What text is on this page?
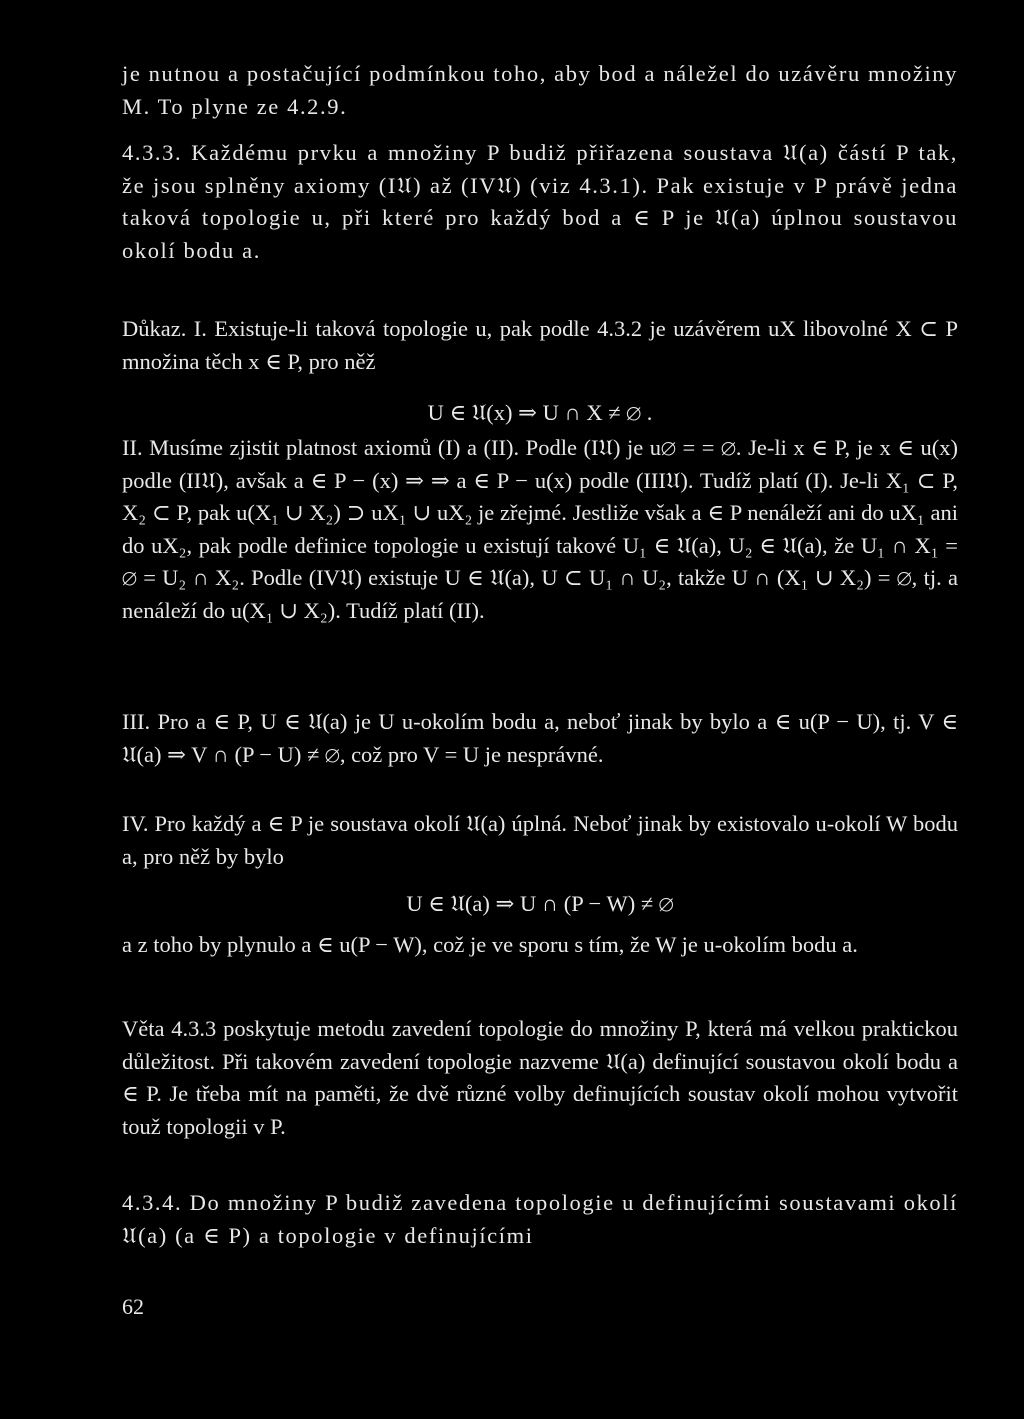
je nutnou a postačující podmínkou toho, aby bod a náležel do uzávěru množiny M. To plyne ze 4.2.9.

4.3.3. Každému prvku a množiny P budiž přiřazena soustava 𝔘(a) částí P tak, že jsou splněny axiomy (I𝔘) až (IV𝔘) (viz 4.3.1). Pak existuje v P právě jedna taková topologie u, při které pro každý bod a ∈ P je 𝔘(a) úplnou soustavou okolí bodu a.

Důkaz. I. Existuje-li taková topologie u, pak podle 4.3.2 je uzávěrem uX libovolné X ⊂ P množina těch x ∈ P, pro něž

U ∈ 𝔘(x) ⇒ U ∩ X ≠ ∅ .

II. Musíme zjistit platnost axiomů (I) a (II). Podle (I𝔘) je u∅ = = ∅. Je-li x ∈ P, je x ∈ u(x) podle (II𝔘), avšak a ∈ P − (x) ⇒ ⇒ a ∈ P − u(x) podle (III𝔘). Tudíž platí (I). Je-li X₁ ⊂ P, X₂ ⊂ P, pak u(X₁ ∪ X₂) ⊃ uX₁ ∪ uX₂ je zřejmé. Jestliže však a ∈ P nenáleží ani do uX₁ ani do uX₂, pak podle definice topologie u existují takové U₁ ∈ 𝔘(a), U₂ ∈ 𝔘(a), že U₁ ∩ X₁ = ∅ = U₂ ∩ X₂. Podle (IV𝔘) existuje U ∈ 𝔘(a), U ⊂ U₁ ∩ U₂, takže U ∩ (X₁ ∪ X₂) = ∅, tj. a nenáleží do u(X₁ ∪ X₂). Tudíž platí (II).

III. Pro a ∈ P, U ∈ 𝔘(a) je U u-okolím bodu a, neboť jinak by bylo a ∈ u(P − U), tj. V ∈ 𝔘(a) ⇒ V ∩ (P − U) ≠ ∅, což pro V = U je nesprávné.

IV. Pro každý a ∈ P je soustava okolí 𝔘(a) úplná. Neboť jinak by existovalo u-okolí W bodu a, pro něž by bylo

U ∈ 𝔘(a) ⇒ U ∩ (P − W) ≠ ∅

a z toho by plynulo a ∈ u(P − W), což je ve sporu s tím, že W je u-okolím bodu a.

Věta 4.3.3 poskytuje metodu zavedení topologie do množiny P, která má velkou praktickou důležitost. Při takovém zavedení topologie nazveme 𝔘(a) definující soustavou okolí bodu a ∈ P. Je třeba mít na paměti, že dvě různé volby definujících soustav okolí mohou vytvořit touž topologii v P.

4.3.4. Do množiny P budiž zavedena topologie u definujícími soustavami okolí 𝔘(a) (a ∈ P) a topologie v definujícími

62
